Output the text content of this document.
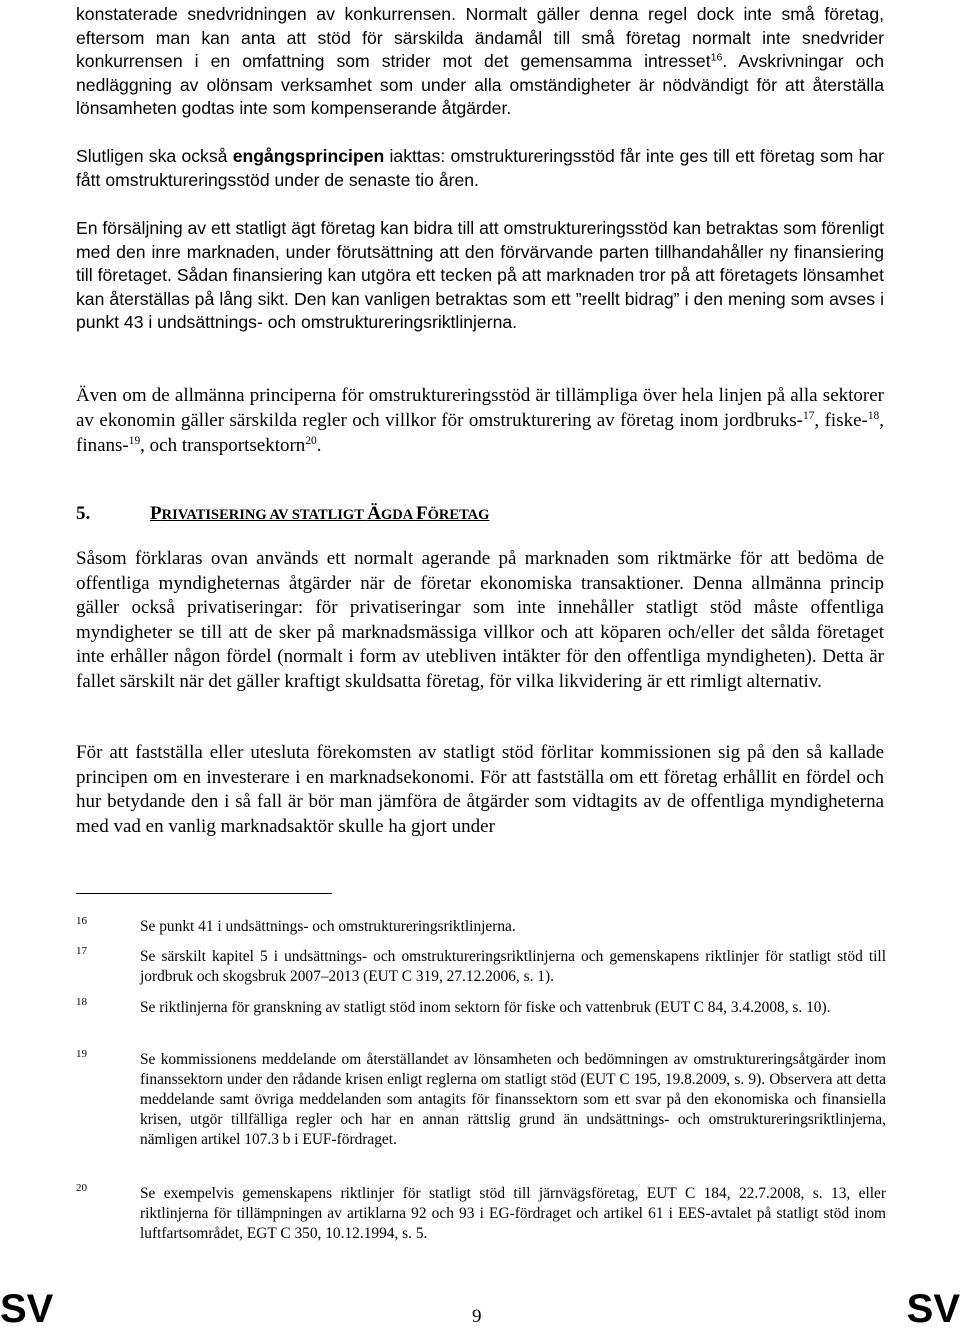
konstaterade snedvridningen av konkurrensen. Normalt gäller denna regel dock inte små företag, eftersom man kan anta att stöd för särskilda ändamål till små företag normalt inte snedvrider konkurrensen i en omfattning som strider mot det gemensamma intresset$^{16}$. Avskrivningar och nedläggning av olönsam verksamhet som under alla omständigheter är nödvändigt för att återställa lönsamheten godtas inte som kompenserande åtgärder.

Slutligen ska också engångsprincipen iakttas: omstruktureringsstöd får inte ges till ett företag som har fått omstruktureringsstöd under de senaste tio åren.

En försäljning av ett statligt ägt företag kan bidra till att omstruktureringsstöd kan betraktas som förenligt med den inre marknaden, under förutsättning att den förvärvande parten tillhandahåller ny finansiering till företaget. Sådan finansiering kan utgöra ett tecken på att marknaden tror på att företagets lönsamhet kan återställas på lång sikt. Den kan vanligen betraktas som ett ”reellt bidrag” i den mening som avses i punkt 43 i undsättnings- och omstruktureringsriktlinjerna.

Även om de allmänna principerna för omstruktureringsstöd är tillämpliga över hela linjen på alla sektorer av ekonomin gäller särskilda regler och villkor för omstrukturering av företag inom jordbruks-$^{17}$, fiske-$^{18}$, finans-$^{19}$, och transportsektorn$^{20}$.

5.	PRIVATISERING AV STATLIGT ÄGDA FÖRETAG

Såsom förklaras ovan används ett normalt agerande på marknaden som riktmärke för att bedöma de offentliga myndigheternas åtgärder när de företar ekonomiska transaktioner. Denna allmänna princip gäller också privatiseringar: för privatiseringar som inte innehåller statligt stöd måste offentliga myndigheter se till att de sker på marknadsmässiga villkor och att köparen och/eller det sålda företaget inte erhåller någon fördel (normalt i form av utebliven intäkter för den offentliga myndigheten). Detta är fallet särskilt när det gäller kraftigt skuldsatta företag, för vilka likvidering är ett rimligt alternativ.

För att fastställa eller utesluta förekomsten av statligt stöd förlitar kommissionen sig på den så kallade principen om en investerare i en marknadsekonomi. För att fastställa om ett företag erhållit en fördel och hur betydande den i så fall är bör man jämföra de åtgärder som vidtagits av de offentliga myndigheterna med vad en vanlig marknadsaktör skulle ha gjort under

16	Se punkt 41 i undsättnings- och omstruktureringsriktlinjerna.
17	Se särskilt kapitel 5 i undsättnings- och omstruktureringsriktlinjerna och gemenskapens riktlinjer för statligt stöd till jordbruk och skogsbruk 2007–2013 (EUT C 319, 27.12.2006, s. 1).
18	Se riktlinjerna för granskning av statligt stöd inom sektorn för fiske och vattenbruk (EUT C 84, 3.4.2008, s. 10).
19	Se kommissionens meddelande om återställandet av lönsamheten och bedömningen av omstruktureringsåtgärder inom finanssektorn under den rådande krisen enligt reglerna om statligt stöd (EUT C 195, 19.8.2009, s. 9). Observera att detta meddelande samt övriga meddelanden som antagits för finanssektorn som ett svar på den ekonomiska och finansiella krisen, utgör tillfälliga regler och har en annan rättslig grund än undsättnings- och omstruktureringsriktlinjerna, nämligen artikel 107.3 b i EUF-fördraget.
20	Se exempelvis gemenskapens riktlinjer för statligt stöd till järnvägsföretag, EUT C 184, 22.7.2008, s. 13, eller riktlinjerna för tillämpningen av artiklarna 92 och 93 i EG-fördraget och artikel 61 i EES-avtalet på statligt stöd inom luftfartsområdet, EGT C 350, 10.12.1994, s. 5.
SV	9	SV
